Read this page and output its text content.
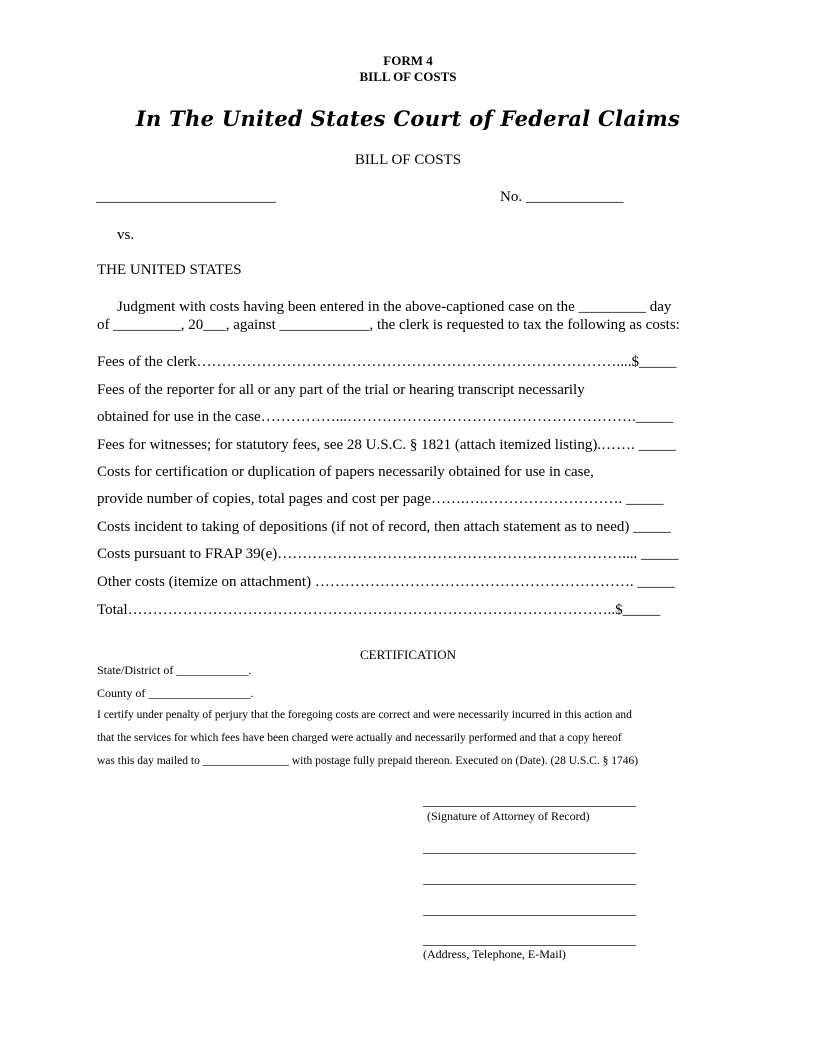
FORM 4
BILL OF COSTS
In The United States Court of Federal Claims
BILL OF COSTS
________________________	No. _____________
vs.
THE UNITED STATES
Judgment with costs having been entered in the above-captioned case on the _________ day
of _________, 20___, against ____________, the clerk is requested to tax the following as costs:
Fees of the clerk…………………………………………………………………………....$_____
Fees of the reporter for all or any part of the trial or hearing transcript necessarily
obtained for use in the case……………...…………………………………………………._____
Fees for witnesses; for statutory fees, see 28 U.S.C. § 1821 (attach itemized listing).……. _____
Costs for certification or duplication of papers necessarily obtained for use in case,
provide number of copies, total pages and cost per page…….….………………………. _____
Costs incident to taking of depositions (if not of record, then attach statement as to need) _____
Costs pursuant to FRAP 39(e)…………………………………………………………….... _____
Other costs (itemize on attachment) ………………………………………………………. _____
Total……………………………………………………………………………………..$_____
CERTIFICATION
State/District of ____________.
County of _________________.
I certify under penalty of perjury that the foregoing costs are correct and were necessarily incurred in this action and
that the services for which fees have been charged were actually and necessarily performed and that a copy hereof
was this day mailed to _______________ with postage fully prepaid thereon. Executed on (Date). (28 U.S.C. § 1746)
(Signature of Attorney of Record)
(Address, Telephone, E-Mail)
